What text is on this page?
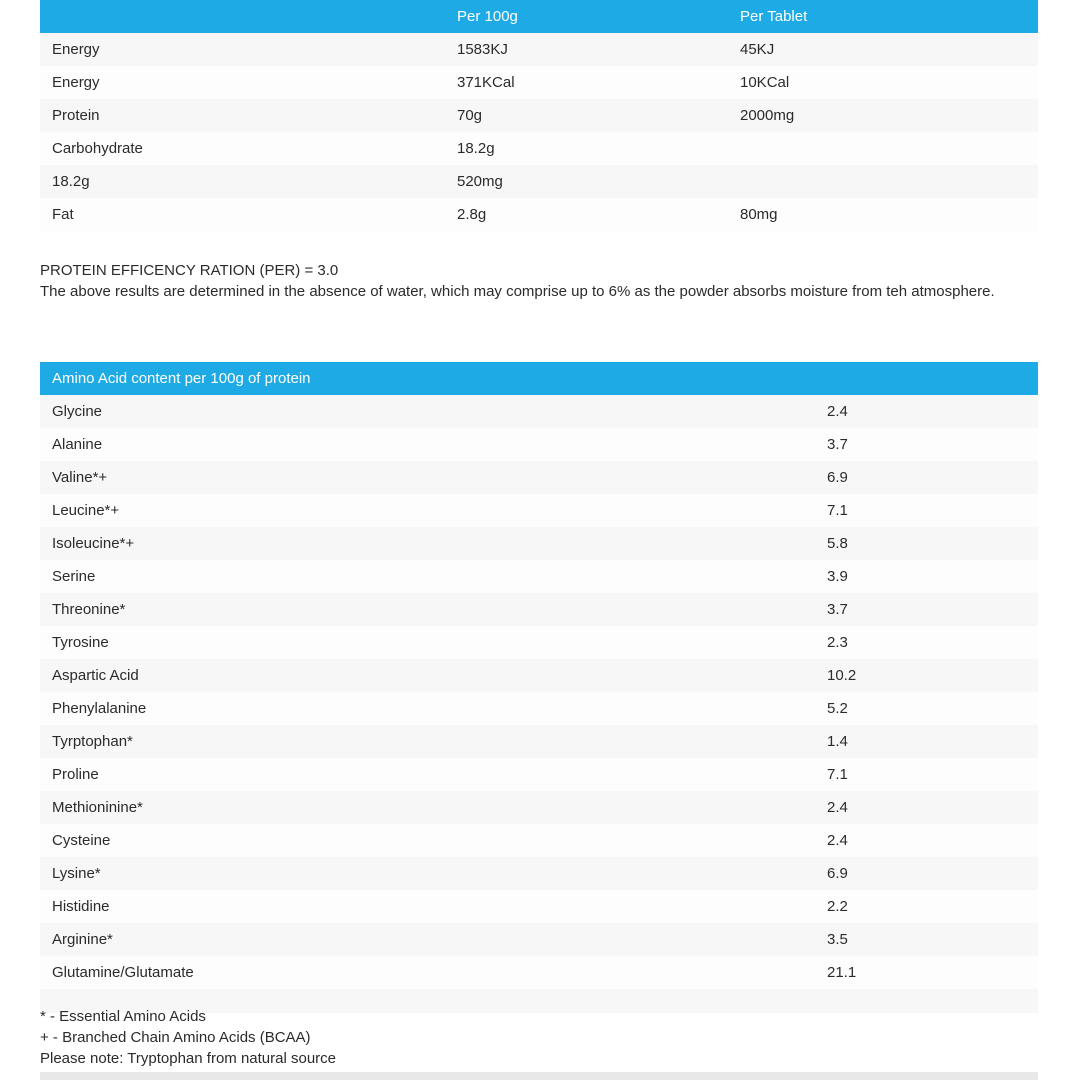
	Per 100g	Per Tablet
Energy	1583KJ	45KJ
Energy	371KCal	10KCal
Protein	70g	2000mg
Carbohydrate	18.2g	
18.2g	520mg	
Fat	2.8g	80mg
PROTEIN EFFICENCY RATION (PER) = 3.0
The above results are determined in the absence of water, which may comprise up to 6% as the powder absorbs moisture from teh atmosphere.
Amino Acid content per 100g of protein	
Glycine	2.4
Alanine	3.7
Valine*+	6.9
Leucine*+	7.1
Isoleucine*+	5.8
Serine	3.9
Threonine*	3.7
Tyrosine	2.3
Aspartic Acid	10.2
Phenylalanine	5.2
Tyrptophan*	1.4
Proline	7.1
Methioninine*	2.4
Cysteine	2.4
Lysine*	6.9
Histidine	2.2
Arginine*	3.5
Glutamine/Glutamate	21.1

* - Essential Amino Acids
+ - Branched Chain Amino Acids (BCAA)
Please note: Tryptophan from natural source
